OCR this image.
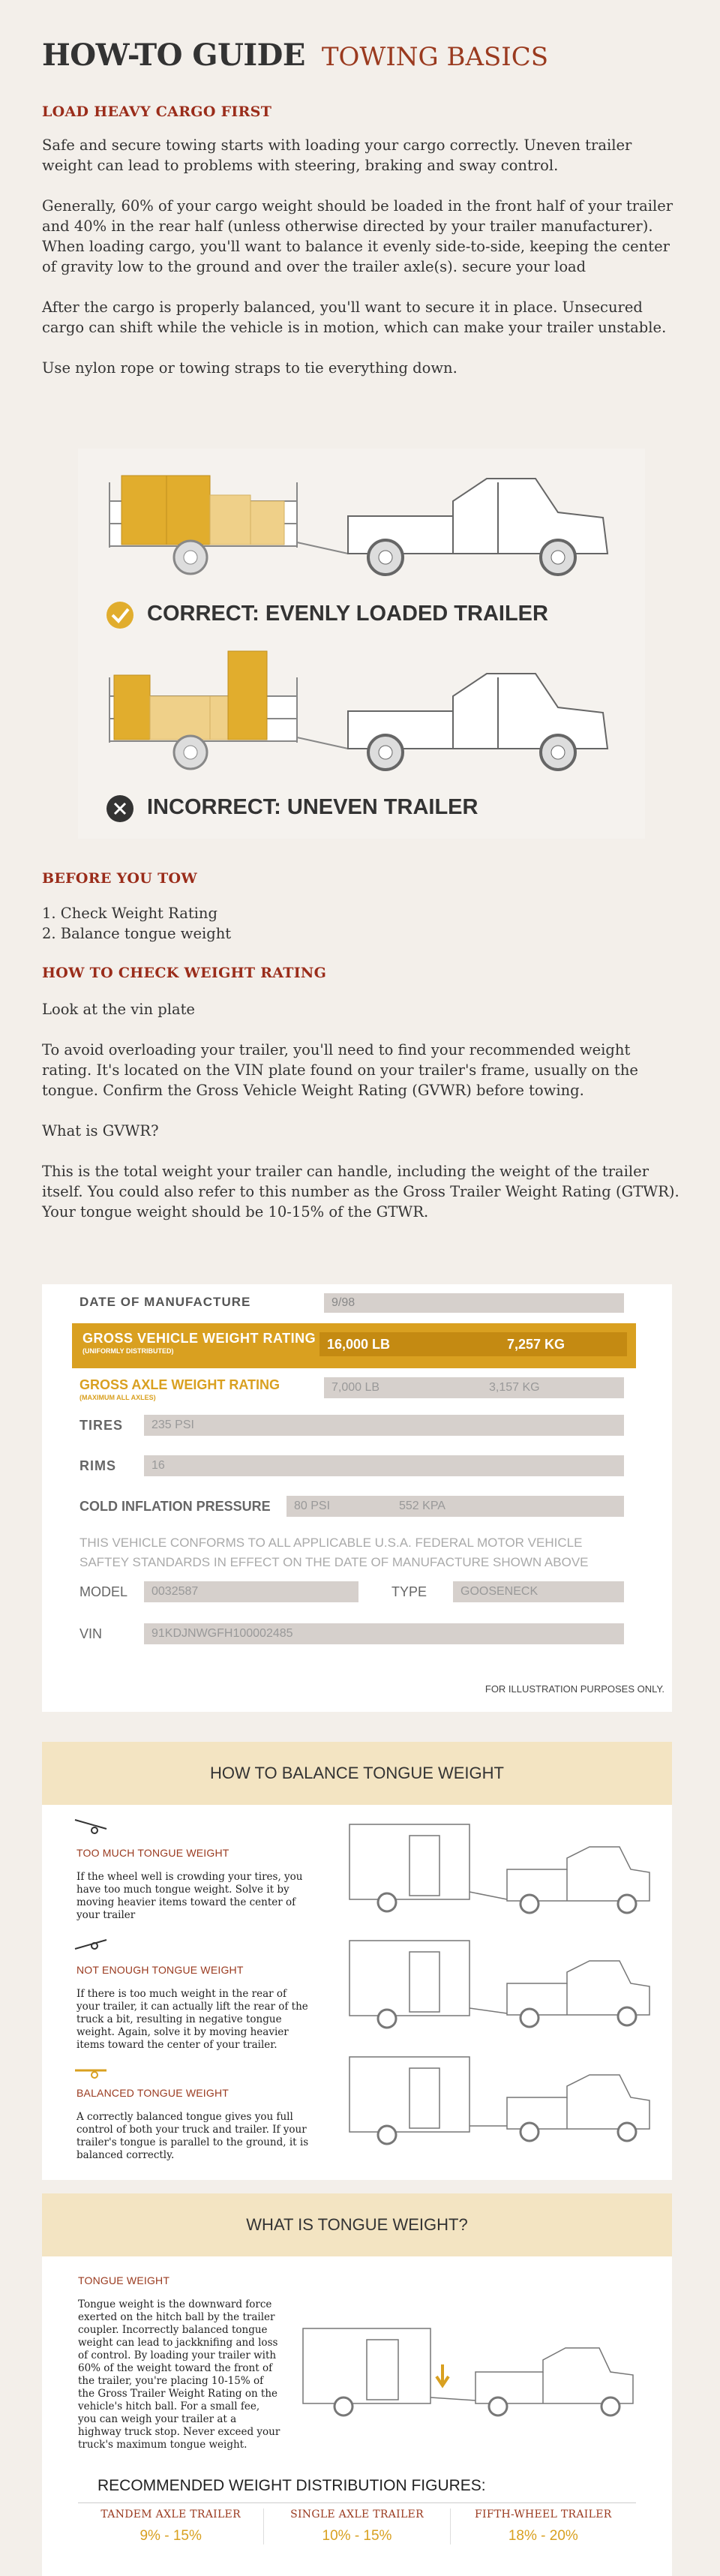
HOW-TO GUIDE TOWING BASICS
LOAD HEAVY CARGO FIRST

Safe and secure towing starts with loading your cargo correctly. Uneven trailer weight can lead to problems with steering, braking and sway control.

Generally, 60% of your cargo weight should be loaded in the front half of your trailer and 40% in the rear half (unless otherwise directed by your trailer manufacturer). When loading cargo, you'll want to balance it evenly side-to-side, keeping the center of gravity low to the ground and over the trailer axle(s). secure your load

After the cargo is properly balanced, you'll want to secure it in place. Unsecured cargo can shift while the vehicle is in motion, which can make your trailer unstable.

Use nylon rope or towing straps to tie everything down.

CORRECT: EVENLY LOADED TRAILER
INCORRECT: UNEVEN TRAILER
BEFORE YOU TOW

1. Check Weight Rating

2. Balance tongue weight

HOW TO CHECK WEIGHT RATING

Look at the vin plate

To avoid overloading your trailer, you'll need to find your recommended weight rating. It's located on the VIN plate found on your trailer's frame, usually on the tongue. Confirm the Gross Vehicle Weight Rating (GVWR) before towing.

What is GVWR?

This is the total weight your trailer can handle, including the weight of the trailer itself. You could also refer to this number as the Gross Trailer Weight Rating (GTWR). Your tongue weight should be 10-15% of the GTWR.

DATE OF MANUFACTURE	9/98
GROSS VEHICLE WEIGHT RATING
(UNIFORMLY DISTRIBUTED)	16,000 LB	7,257 KG
GROSS AXLE WEIGHT RATING
(MAXIMUM ALL AXLES)
7,000 LB	3,157 KG
TIRES	235 PSI
RIMS	16
COLD INFLATION PRESSURE 80 PSI	552 KPA
THIS VEHICLE CONFORMS TO ALL APPLICABLE U.S.A. FEDERAL MOTOR VEHICLE SAFTEY STANDARDS IN EFFECT ON THE DATE OF MANUFACTURE SHOWN ABOVE
MODEL	0032587	TYPE	GOOSENECK
VIN	91KDJNWGFH100002485
FOR ILLUSTRATION PURPOSES ONLY.
HOW TO BALANCE TONGUE WEIGHT
TOO MUCH TONGUE WEIGHT
If the wheel well is crowding your tires, you have too much tongue weight. Solve it by moving heavier items toward the center of your trailer
NOT ENOUGH TONGUE WEIGHT
If there is too much weight in the rear of your trailer, it can actually lift the rear of the truck a bit, resulting in negative tongue weight. Again, solve it by moving heavier items toward the center of your trailer.
BALANCED TONGUE WEIGHT
A correctly balanced tongue gives you full control of both your truck and trailer. If your trailer's tongue is parallel to the ground, it is balanced correctly.
WHAT IS TONGUE WEIGHT?
TONGUE WEIGHT
Tongue weight is the downward force exerted on the hitch ball by the trailer coupler. Incorrectly balanced tongue weight can lead to jackknifing and loss of control. By loading your trailer with 60% of the weight toward the front of the trailer, you're placing 10-15% of the Gross Trailer Weight Rating on the vehicle's hitch ball. For a small fee, you can weigh your trailer at a highway truck stop. Never exceed your truck's maximum tongue weight.
RECOMMENDED WEIGHT DISTRIBUTION FIGURES:
TANDEM AXLE TRAILER
9% - 15%
SINGLE AXLE TRAILER
10% - 15%
FIFTH-WHEEL TRAILER
18% - 20%
